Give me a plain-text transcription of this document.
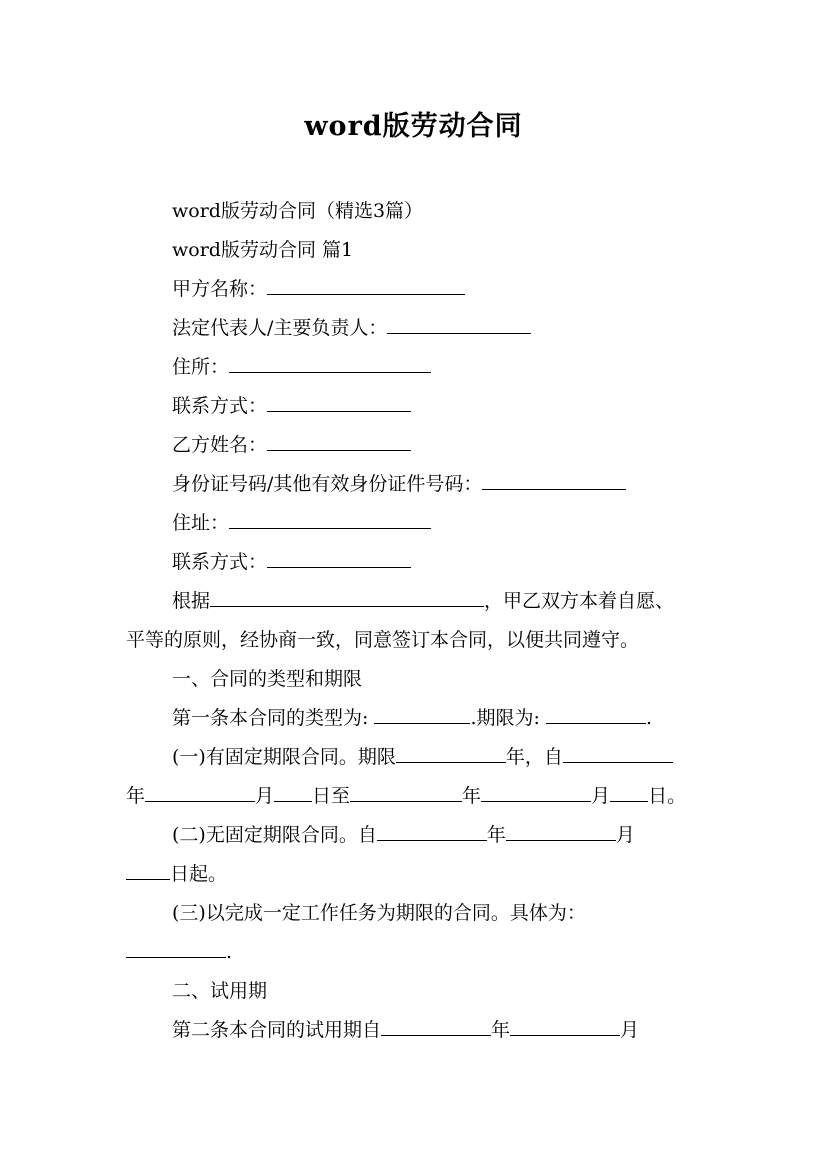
word版劳动合同
word版劳动合同（精选3篇）
word版劳动合同 篇1
甲方名称：
法定代表人/主要负责人：
住所：
联系方式：
乙方姓名：
身份证号码/其他有效身份证件号码：
住址：
联系方式：
根据	，甲乙双方本着自愿、
平等的原则，经协商一致，同意签订本合同，以便共同遵守。
一、合同的类型和期限
第一条本合同的类型为:	.期限为:	.
(一)有固定期限合同。期限	年，自
年	月 日至	年	月 日。
(二)无固定期限合同。自	年	月
日起。
(三)以完成一定工作任务为期限的合同。具体为：
.
二、试用期
第二条本合同的试用期自	年	月
